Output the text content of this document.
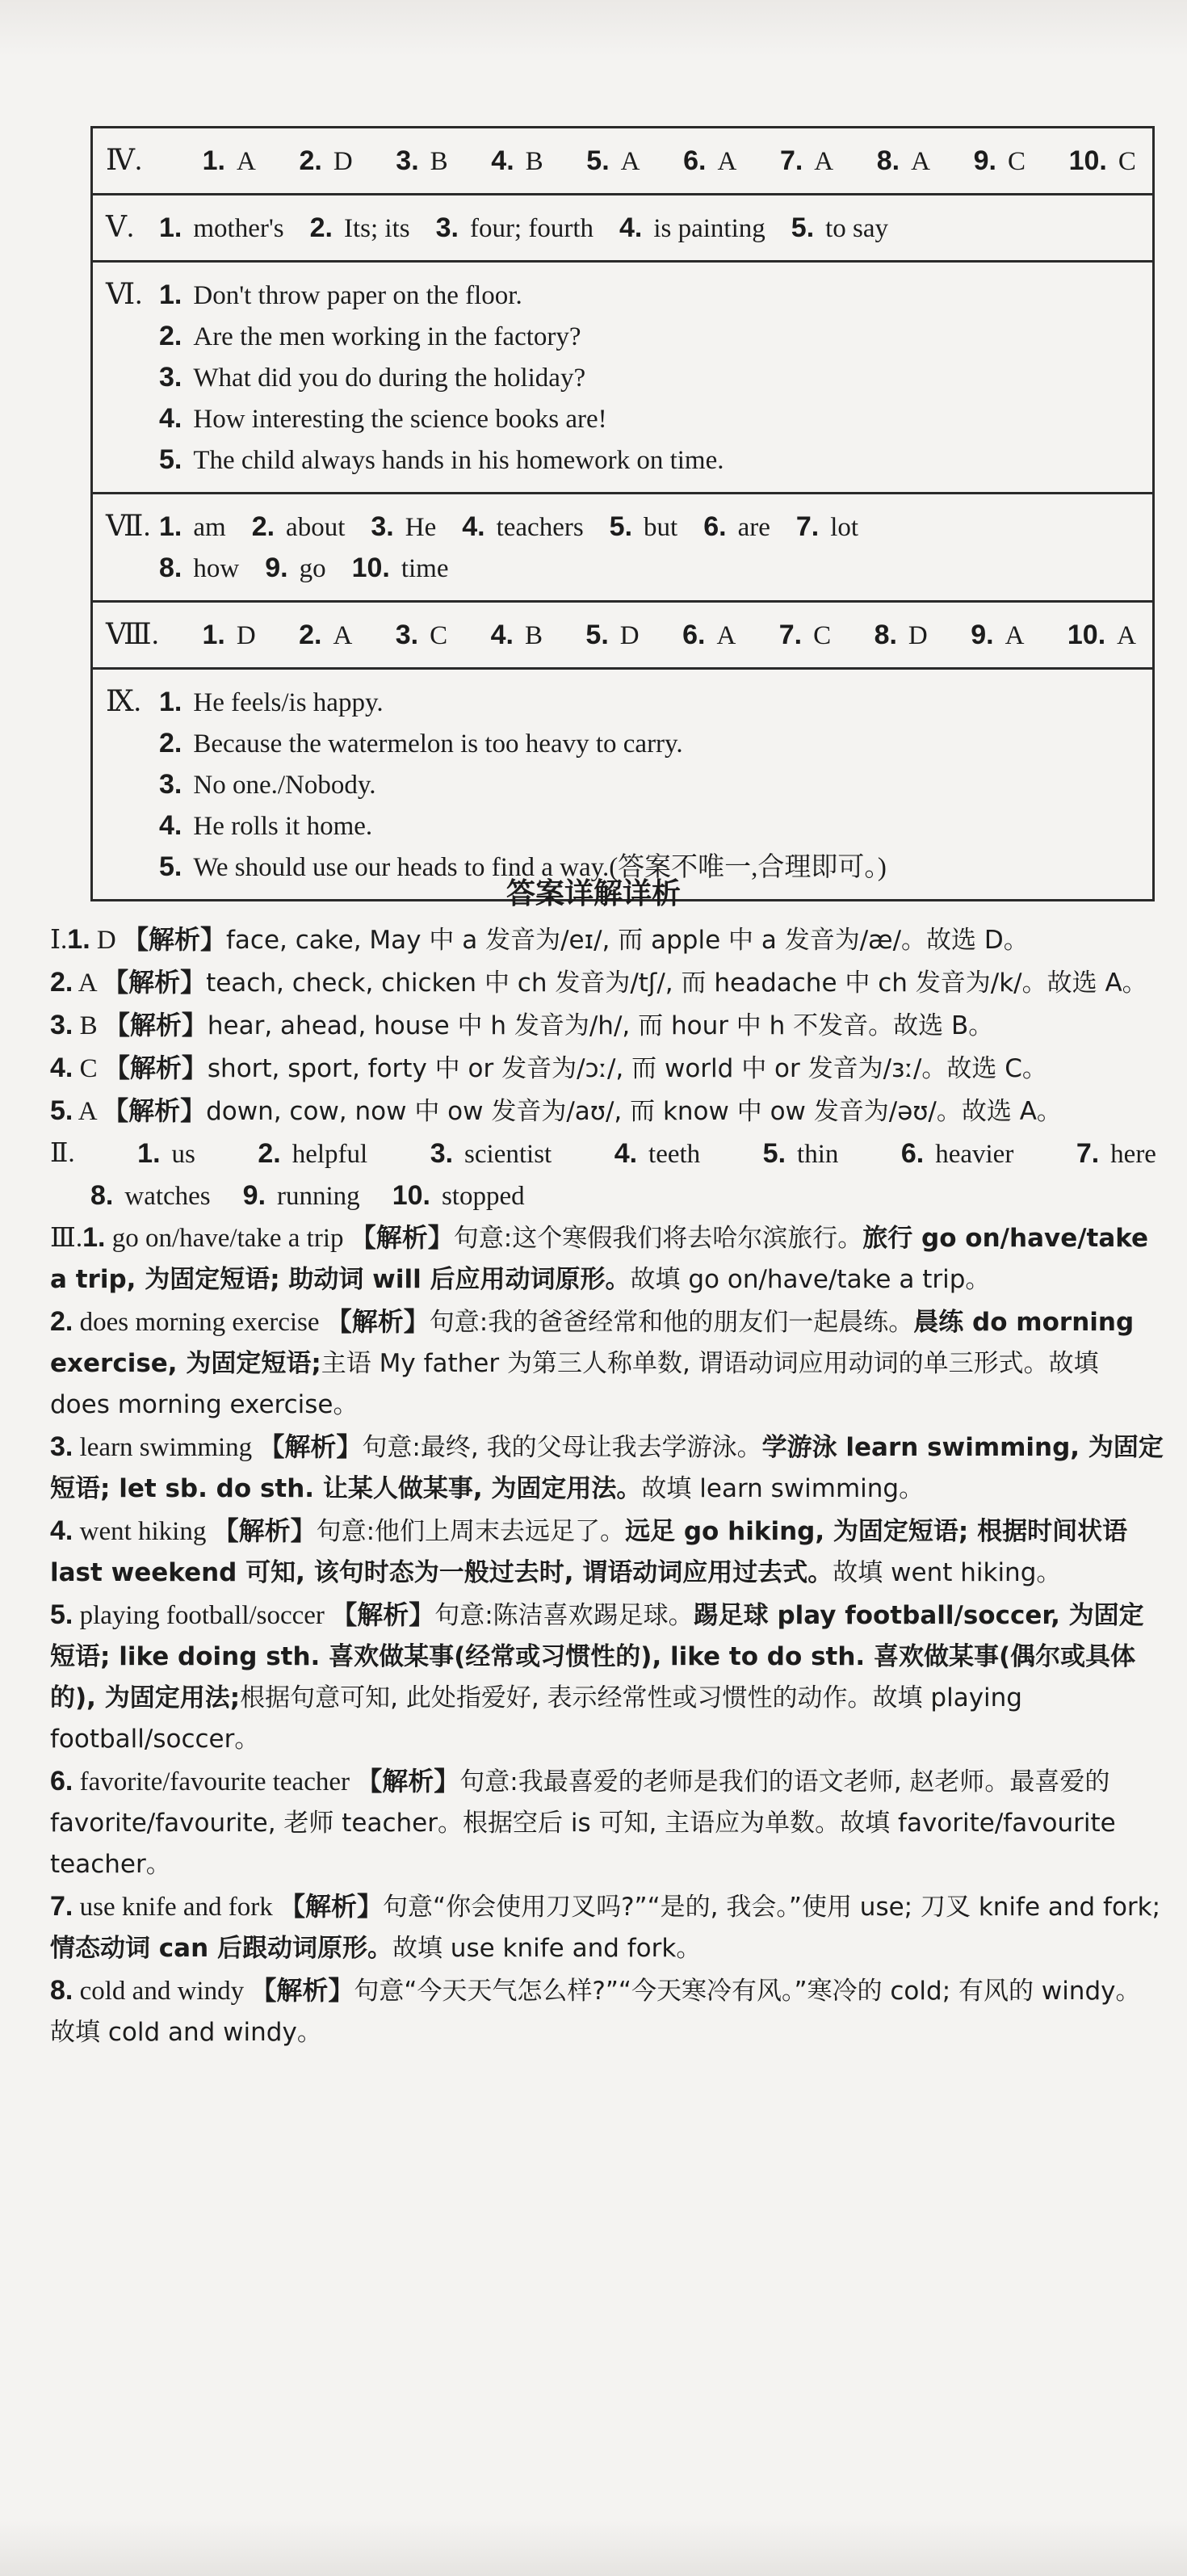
Ⅳ.	1. A 2. D 3. B 4. B 5. A 6. A 7. A 8. A 9. C 10. C

Ⅴ. 1. mother's 2. Its; its 3. four; fourth 4. is painting 5. to say

Ⅵ. 1. Don't throw paper on the floor.
2. Are the men working in the factory?
3. What did you do during the holiday?
4. How interesting the science books are!
5. The child always hands in his homework on time.

Ⅶ. 1. am 2. about 3. He 4. teachers 5. but 6. are 7. lot
8. how 9. go 10. time

Ⅷ. 1. D 2. A 3. C 4. B 5. D 6. A 7. C 8. D 9. A 10. A

Ⅸ. 1. He feels/is happy.
2. Because the watermelon is too heavy to carry.
3. No one./Nobody.
4. He rolls it home.
5. We should use our heads to find a way.(答案不唯一,合理即可。)
答案详解详析
Ⅰ.1. D 【解析】face, cake, May 中 a 发音为/eɪ/, 而 apple 中 a 发音为/æ/。故选 D。
2. A 【解析】teach, check, chicken 中 ch 发音为/tʃ/, 而 headache 中 ch 发音为/k/。故选 A。
3. B 【解析】hear, ahead, house 中 h 发音为/h/, 而 hour 中 h 不发音。故选 B。
4. C 【解析】short, sport, forty 中 or 发音为/ɔː/, 而 world 中 or 发音为/ɜː/。故选 C。
5. A 【解析】down, cow, now 中 ow 发音为/aʊ/, 而 know 中 ow 发音为/əʊ/。故选 A。
Ⅱ. 1. us 2. helpful 3. scientist 4. teeth 5. thin 6. heavier 7. here
8. watches 9. running 10. stopped
Ⅲ.1. go on/have/take a trip 【解析】句意:这个寒假我们将去哈尔滨旅行。旅行 go on/have/take a trip, 为固定短语; 助动词 will 后应用动词原形。故填 go on/have/take a trip。
2. does morning exercise 【解析】句意:我的爸爸经常和他的朋友们一起晨练。晨练 do morning exercise, 为固定短语;主语 My father 为第三人称单数, 谓语动词应用动词的单三形式。故填 does morning exercise。
3. learn swimming 【解析】句意:最终, 我的父母让我去学游泳。学游泳 learn swimming, 为固定短语; let sb. do sth. 让某人做某事, 为固定用法。故填 learn swimming。
4. went hiking 【解析】句意:他们上周末去远足了。远足 go hiking, 为固定短语; 根据时间状语 last weekend 可知, 该句时态为一般过去时, 谓语动词应用过去式。故填 went hiking。
5. playing football/soccer 【解析】句意:陈洁喜欢踢足球。踢足球 play football/soccer, 为固定短语; like doing sth. 喜欢做某事(经常或习惯性的), like to do sth. 喜欢做某事(偶尔或具体的), 为固定用法;根据句意可知, 此处指爱好, 表示经常性或习惯性的动作。故填 playing football/soccer。
6. favorite/favourite teacher 【解析】句意:我最喜爱的老师是我们的语文老师, 赵老师。最喜爱的 favorite/favourite, 老师 teacher。根据空后 is 可知, 主语应为单数。故填 favorite/favourite teacher。
7. use knife and fork 【解析】句意“你会使用刀叉吗?”“是的, 我会。”使用 use; 刀叉 knife and fork;情态动词 can 后跟动词原形。故填 use knife and fork。
8. cold and windy 【解析】句意“今天天气怎么样?”“今天寒冷有风。”寒冷的 cold; 有风的 windy。故填 cold and windy。
